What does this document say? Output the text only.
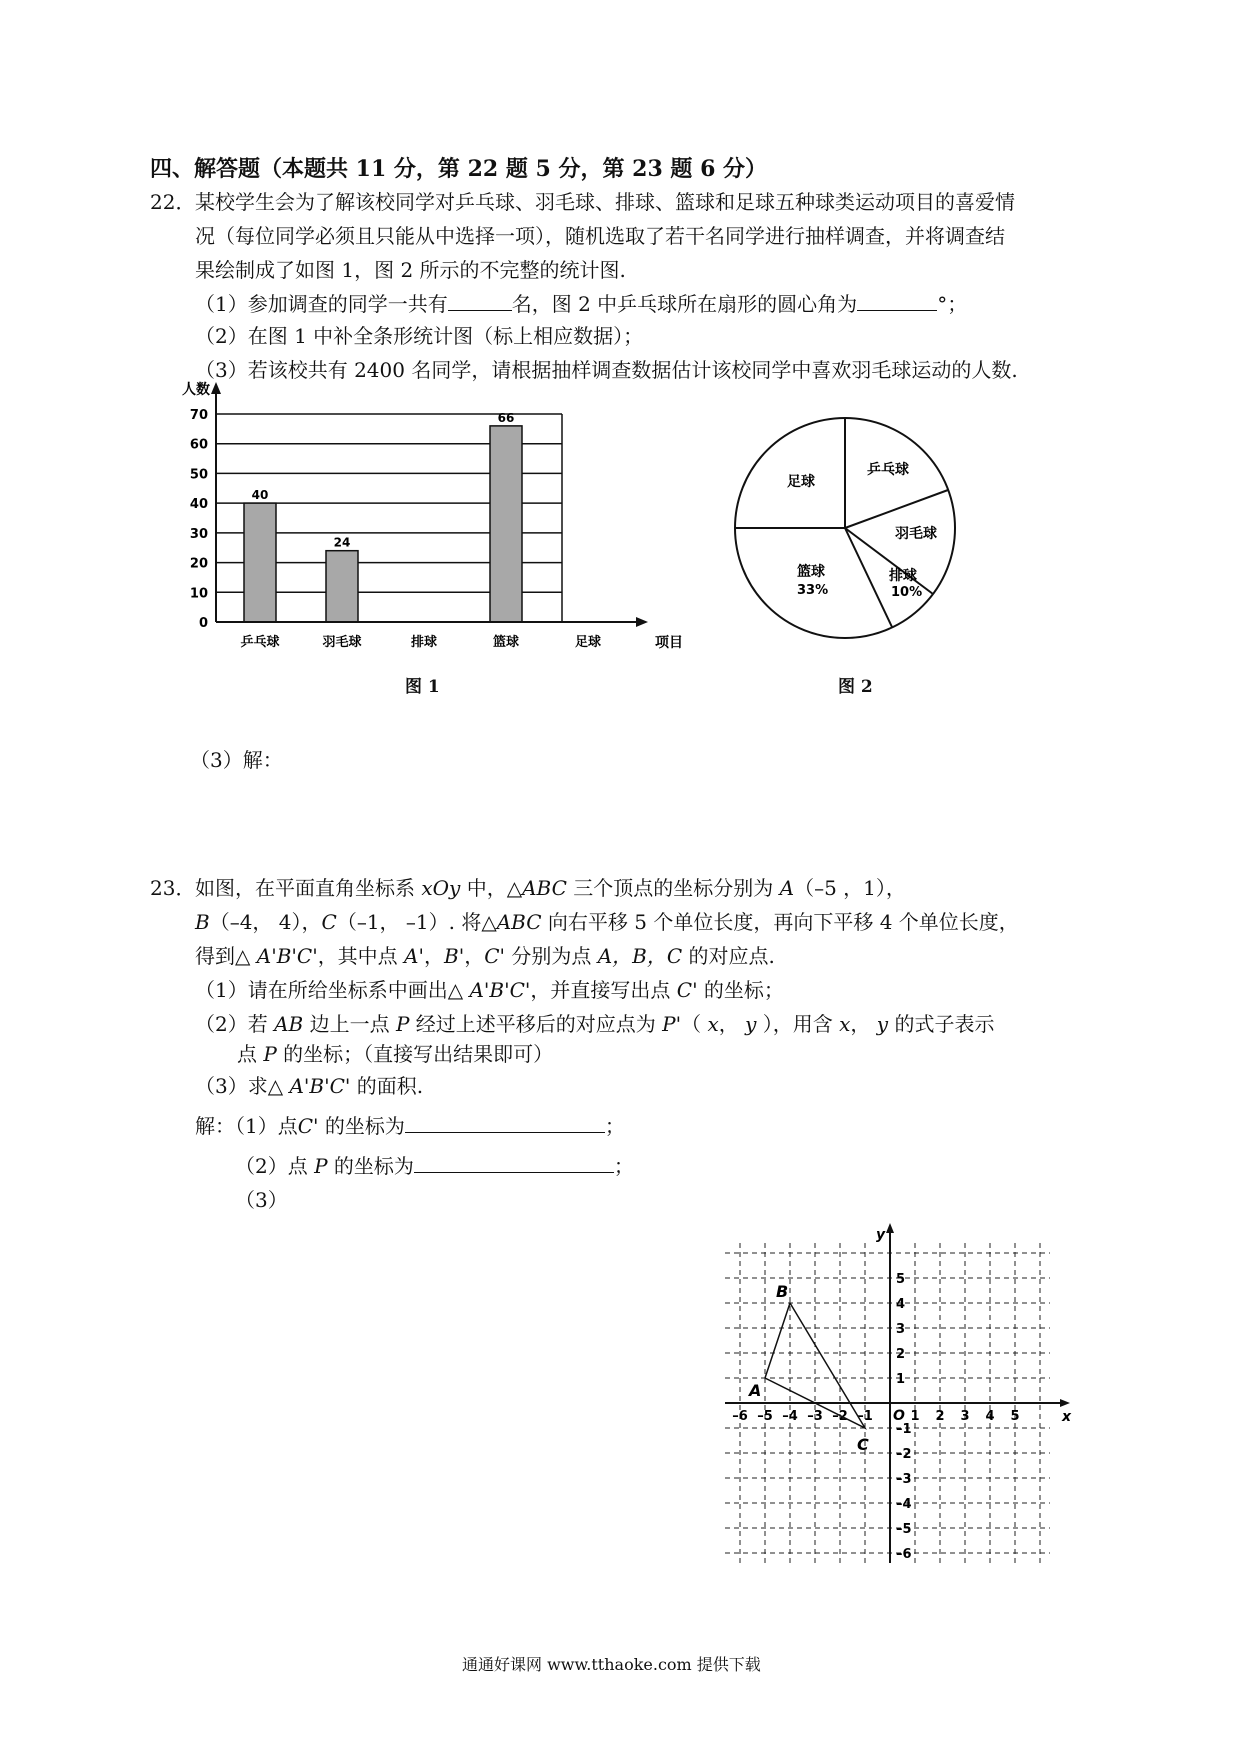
四、解答题（本题共 11 分，第 22 题 5 分，第 23 题 6 分）
22． 某校学生会为了解该校同学对乒乓球、羽毛球、排球、篮球和足球五种球类运动项目的喜爱情
况（每位同学必须且只能从中选择一项），随机选取了若干名同学进行抽样调查，并将调查结
果绘制成了如图 1，图 2 所示的不完整的统计图.
（1）参加调查的同学一共有	名，图 2 中乒乓球所在扇形的圆心角为	°；
（2）在图 1 中补全条形统计图（标上相应数据）；
（3）若该校共有 2400 名同学，请根据抽样调查数据估计该校同学中喜欢羽毛球运动的人数.
0
10
20
30
40
50
60
70
40
乒乓球
24
羽毛球	排球
66
篮球	足球
人数
项目
图 1
足球
乒乓球
羽毛球
排球
10%
篮球
33%
图 2
（3）解：
23． 如图，在平面直角坐标系 xOy 中，△ABC 三个顶点的坐标分别为 A（–5 ，1），
B（–4， 4），C（–1， –1）. 将△ABC 向右平移 5 个单位长度，再向下平移 4 个单位长度，
得到△ A'B'C'，其中点 A'，B'，C' 分别为点 A，B，C 的对应点.
（1）请在所给坐标系中画出△ A'B'C'，并直接写出点 C' 的坐标；
（2）若 AB 边上一点 P 经过上述平移后的对应点为 P'（ x， y ），用含 x， y 的式子表示
点 P 的坐标；（直接写出结果即可）
（3）求△ A'B'C' 的面积.
解：（1）点C' 的坐标为	；
（2）点 P 的坐标为	；
（3）
x
y
O
–6 –5 –4 –3 –2 –1	1 2 3 4 5
5
4
3
2
1
–1
–2
–3
–4
–5
–6
A
B
C
通通好课网 www.tthaoke.com 提供下载
